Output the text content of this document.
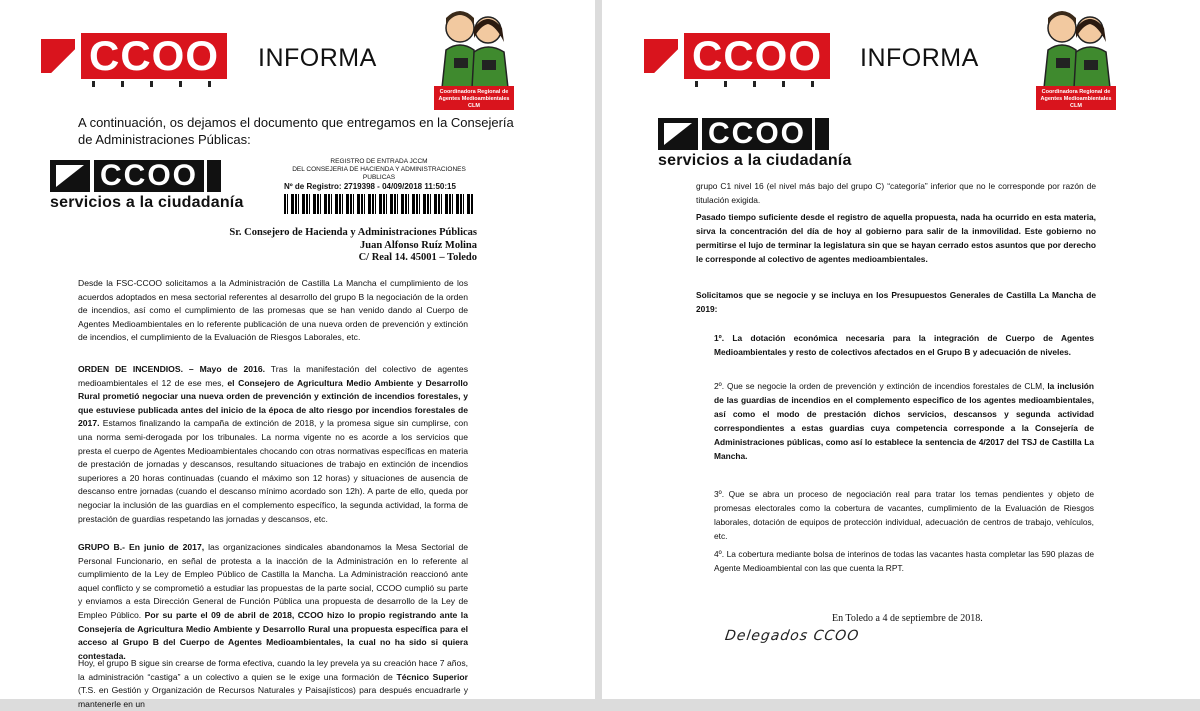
CCOO	INFORMA
Coordinadora Regional de Agentes Medioambientales CLM
A continuación, os dejamos el documento que entregamos en la Consejería de Administraciones Públicas:
CCOO
servicios a la ciudadanía
REGISTRO DE ENTRADA JCCM
DEL CONSEJERIA DE HACIENDA Y ADMINISTRACIONES PUBLICAS
Nº de Registro: 2719398 - 04/09/2018 11:50:15
Sr. Consejero de Hacienda y Administraciones Públicas
Juan Alfonso Ruíz Molina
C/ Real 14. 45001 – Toledo
Desde la FSC-CCOO solicitamos a la Administración de Castilla La Mancha el cumplimiento de los acuerdos adoptados en mesa sectorial referentes al desarrollo del grupo B la negociación de la orden de incendios, así como el cumplimiento de las promesas que se han venido dando al Cuerpo de Agentes Medioambientales en lo referente publicación de una nueva orden de prevención y extinción de incendios, el cumplimiento de la Evaluación de Riesgos Laborales, etc.
ORDEN DE INCENDIOS. – Mayo de 2016. Tras la manifestación del colectivo de agentes medioambientales el 12 de ese mes, el Consejero de Agricultura Medio Ambiente y Desarrollo Rural prometió negociar una nueva orden de prevención y extinción de incendios forestales, y que estuviese publicada antes del inicio de la época de alto riesgo por incendios forestales de 2017. Estamos finalizando la campaña de extinción de 2018, y la promesa sigue sin cumplirse, con una norma semi-derogada por los tribunales. La norma vigente no es acorde a los servicios que presta el cuerpo de Agentes Medioambientales chocando con otras normativas específicas en materia de prestación de jornadas y descansos, resultando situaciones de trabajo en extinción de incendios superiores a 20 horas continuadas (cuando el máximo son 12 horas) y situaciones de ausencia de descanso entre jornadas (cuando el descanso mínimo acordado son 12h). A parte de ello, queda por negociar la inclusión de las guardias en el complemento específico, la segunda actividad, la forma de prestación de guardias respetando las jornadas y descansos, etc.
GRUPO B.- En junio de 2017, las organizaciones sindicales abandonamos la Mesa Sectorial de Personal Funcionario, en señal de protesta a la inacción de la Administración en lo referente al cumplimiento de la Ley de Empleo Público de Castilla la Mancha. La Administración reaccionó ante aquel conflicto y se comprometió a estudiar las propuestas de la parte social, CCOO cumplió su parte y enviamos a esta Dirección General de Función Pública una propuesta de desarrollo de la Ley de Empleo Público. Por su parte el 09 de abril de 2018, CCOO hizo lo propio registrando ante la Consejería de Agricultura Medio Ambiente y Desarrollo Rural una propuesta específica para el acceso al Grupo B del Cuerpo de Agentes Medioambientales, la cual no ha sido si quiera contestada.
Hoy, el grupo B sigue sin crearse de forma efectiva, cuando la ley prevela ya su creación hace 7 años, la administración “castiga” a un colectivo a quien se le exige una formación de Técnico Superior (T.S. en Gestión y Organización de Recursos Naturales y Paisajísticos) para después encuadrarle y mantenerle en un
CCOO	INFORMA
Coordinadora Regional de Agentes Medioambientales CLM
CCOO
servicios a la ciudadanía
grupo C1 nivel 16 (el nivel más bajo del grupo C) “categoría” inferior que no le corresponde por razón de titulación exigida.
Pasado tiempo suficiente desde el registro de aquella propuesta, nada ha ocurrido en esta materia, sirva la concentración del día de hoy al gobierno para salir de la inmovilidad. Este gobierno no permitirse el lujo de terminar la legislatura sin que se hayan cerrado estos asuntos que por derecho le corresponde al colectivo de agentes medioambientales.
Solicitamos que se negocie y se incluya en los Presupuestos Generales de Castilla La Mancha de 2019:
1º. La dotación económica necesaria para la integración de Cuerpo de Agentes Medioambientales y resto de colectivos afectados en el Grupo B y adecuación de niveles.
2º. Que se negocie la orden de prevención y extinción de incendios forestales de CLM, la inclusión de las guardias de incendios en el complemento especifico de los agentes medioambientales, así como el modo de prestación dichos servicios, descansos y segunda actividad correspondientes a estas guardias cuya competencia corresponde a la Consejería de Administraciones públicas, como así lo establece la sentencia de 4/2017 del TSJ de Castilla La Mancha.
3º. Que se abra un proceso de negociación real para tratar los temas pendientes y objeto de promesas electorales como la cobertura de vacantes, cumplimiento de la Evaluación de Riesgos laborales, dotación de equipos de protección individual, adecuación de centros de trabajo, vehículos, etc.
4º. La cobertura mediante bolsa de interinos de todas las vacantes hasta completar las 590 plazas de Agente Medioambiental con las que cuenta la RPT.
En Toledo a 4 de septiembre de 2018.
Delegados CCOO
